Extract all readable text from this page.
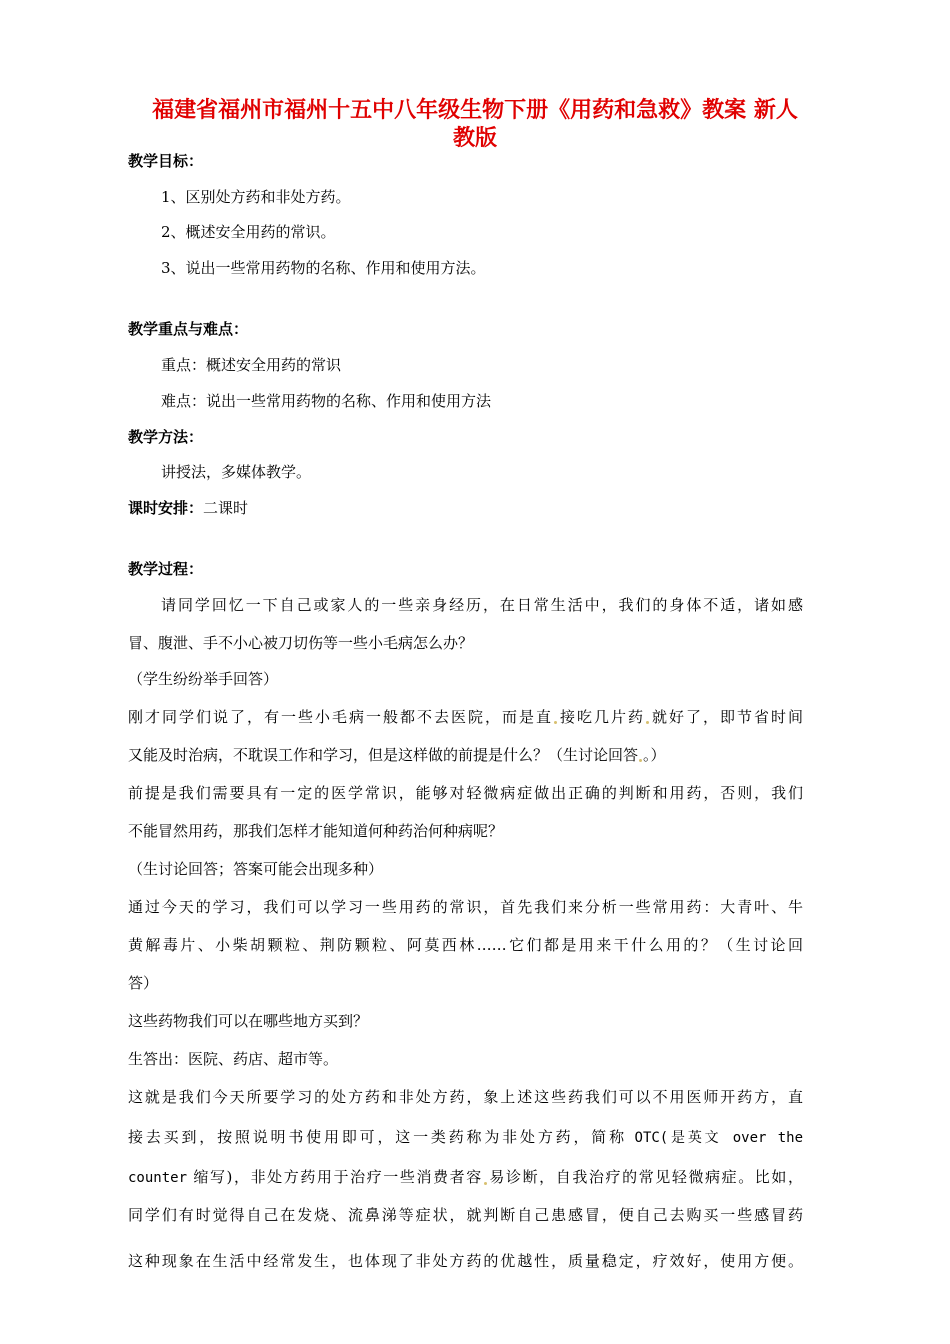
福建省福州市福州十五中八年级生物下册《用药和急救》教案 新人
教版

教学目标：

1、区别处方药和非处方药。

2、概述安全用药的常识。

3、说出一些常用药物的名称、作用和使用方法。

教学重点与难点：

重点：概述安全用药的常识

难点：说出一些常用药物的名称、作用和使用方法

教学方法：

讲授法，多媒体教学。

课时安排：二课时

教学过程：

请同学回忆一下自己或家人的一些亲身经历，在日常生活中，我们的身体不适，诸如感

冒、腹泄、手不小心被刀切伤等一些小毛病怎么办？

（学生纷纷举手回答）

刚才同学们说了，有一些小毛病一般都不去医院，而是直 接吃几片药 就好了，即节省时间

又能及时治病，不耽误工作和学习，但是这样做的前提是什么？（生讨论回答 。）

前提是我们需要具有一定的医学常识，能够对轻微病症做出正确的判断和用药，否则，我们

不能冒然用药，那我们怎样才能知道何种药治何种病呢？

（生讨论回答；答案可能会出现多种）

通过今天的学习，我们可以学习一些用药的常识，首先我们来分析一些常用药：大青叶、牛

黄解毒片、小柴胡颗粒、荆防颗粒、阿莫西林……它们都是用来干什么用的？（生讨论回

答）

这些药物我们可以在哪些地方买到？

生答出：医院、药店、超市等。

这就是我们今天所要学习的处方药和非处方药，象上述这些药我们可以不用医师开药方，直

接去买到，按照说明书使用即可，这一类药称为非处方药，简称 OTC(是英文 over the

counter 缩写)，非处方药用于治疗一些消费者容 易诊断，自我治疗的常见轻微病症。比如，

同学们有时觉得自己在发烧、流鼻涕等症状，就判断自己患感冒，便自己去购买一些感冒药

这种现象在生活中经常发生，也体现了非处方药的优越性，质量稳定，疗效好，使用方便。
